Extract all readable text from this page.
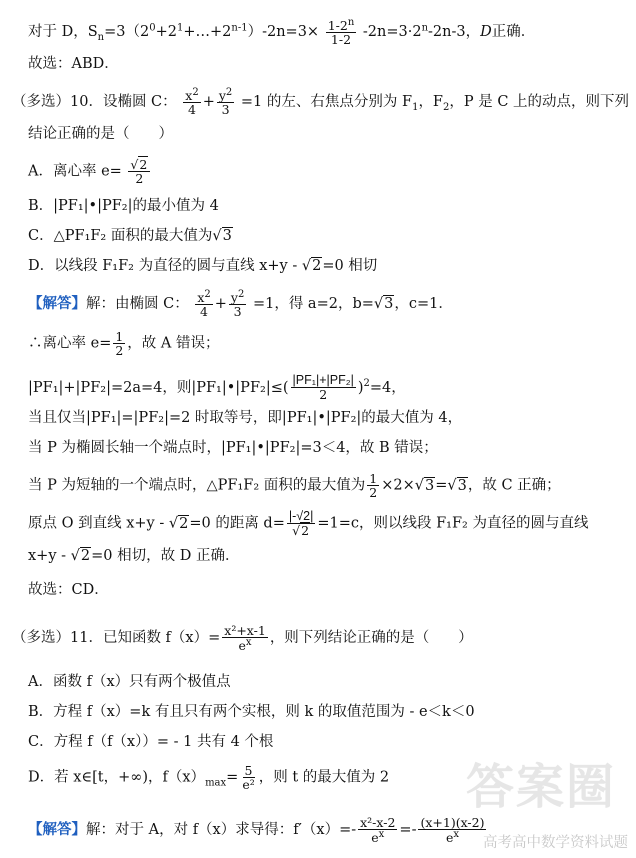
对于 D，$S_n=3(2^0+2^1+\dots+2^{n-1})-2n=3\times \frac{1-2^n}{1-2} -2n=3\cdot 2^n-2n-3$，D正确．
故选：ABD．
（多选）10．设椭圆 C： $\frac{x^2}{4} + \frac{y^2}{3} =1$ 的左、右焦点分别为 $F_1$，$F_2$，P 是 C 上的动点，则下列
结论正确的是（　　）
A．离心率 $e= \frac{√2}{2}$
B．|PF₁|•|PF₂|的最小值为 4
C．△PF₁F₂ 面积的最大值为√3
D．以线段 F₁F₂ 为直径的圆与直线 x+y - √2=0 相切
【解答】解：由椭圆 C： $\frac{x^2}{4} + \frac{y^2}{3} =1$，得 a=2，b=√3，c=1．
∴离心率 $e= \frac{1}{2}$ ，故 A 错误；
|PF₁|+|PF₂|=2a=4，则|PF₁|•|PF₂|≤( $\frac{\text{|PF₁|+|PF₂|}}{2} )^2=4$，
当且仅当|PF₁|=|PF₂|=2 时取等号，即|PF₁|•|PF₂|的最大值为 4，
当 P 为椭圆长轴一个端点时，|PF₁|•|PF₂|=3＜4，故 B 错误；
当 P 为短轴的一个端点时，△PF₁F₂ 面积的最大值为 $\frac{1}{2} \times 2\times√3=√3$，故 C 正确；
原点 O 到直线 x+y - √2=0 的距离 $d= \frac{|-√2|}{√2} =1=c$，则以线段 F₁F₂ 为直径的圆与直线
x+y - √2=0 相切，故 D 正确．
故选：CD．
（多选）11．已知函数 $f(x)= \frac{\text{x²+x-1}}{e^x}$ ，则下列结论正确的是（　　）
A．函数 f（x）只有两个极值点
B．方程 f（x）=k 有且只有两个实根，则 k 的取值范围为 - e＜k＜0
C．方程 f（f（x））= - 1 共有 4 个根
D．若 x∈[t，+∞)，$f(x)_{max}= \frac{5}{\text{e²}}$ ，则 t 的最大值为 2
【解答】解：对于 A，对 f（x）求导得：$f'(x)=- \frac{\text{x²-x-2}}{e^x} =- \frac{(x+1)(x-2)}{e^x}$
答案圈
高考高中数学资料试题
